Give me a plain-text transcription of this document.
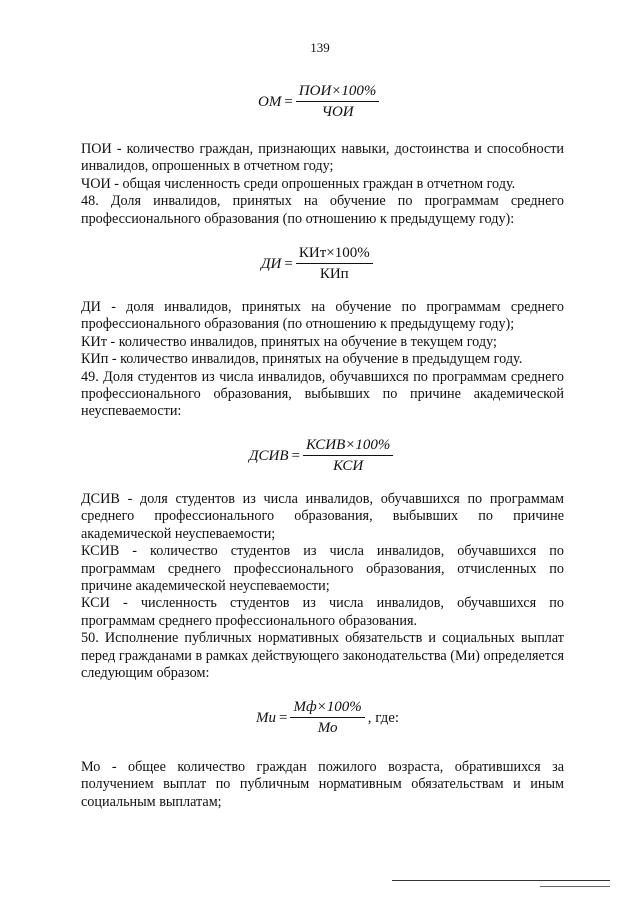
139
ОМ = $\frac{\text{ПОИ×100\%}}{\text{ЧОИ}}$

ПОИ - количество граждан, признающих навыки, достоинства и способности инвалидов, опрошенных в отчетном году;

ЧОИ - общая численность среди опрошенных граждан в отчетном году.

48. Доля инвалидов, принятых на обучение по программам среднего профессионального образования (по отношению к предыдущему году):

ДИ = $\frac{\text{КИт×100\%}}{\text{КИп}}$

ДИ - доля инвалидов, принятых на обучение по программам среднего профессионального образования (по отношению к предыдущему году);

КИт - количество инвалидов, принятых на обучение в текущем году;

КИп - количество инвалидов, принятых на обучение в предыдущем году.

49. Доля студентов из числа инвалидов, обучавшихся по программам среднего профессионального образования, выбывших по причине академической неуспеваемости:

ДСИВ = $\frac{\text{КСИВ×100\%}}{\text{КСИ}}$

ДСИВ - доля студентов из числа инвалидов, обучавшихся по программам среднего профессионального образования, выбывших по причине академической неуспеваемости;

КСИВ - количество студентов из числа инвалидов, обучавшихся по программам среднего профессионального образования, отчисленных по причине академической неуспеваемости;

КСИ - численность студентов из числа инвалидов, обучавшихся по программам среднего профессионального образования.

50. Исполнение публичных нормативных обязательств и социальных выплат перед гражданами в рамках действующего законодательства (Ми) определяется следующим образом:

Ми = $\frac{Мф\times 100\%}{Мо}$ , где:

Мо - общее количество граждан пожилого возраста, обратившихся за получением выплат по публичным нормативным обязательствам и иным социальным выплатам;
